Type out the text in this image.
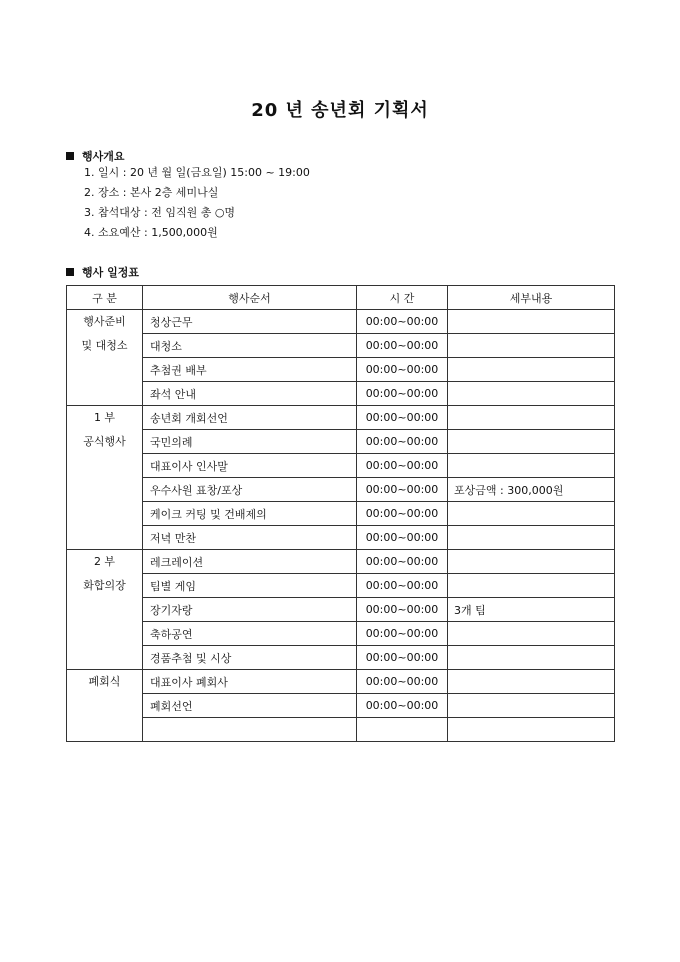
20 년 송년회 기획서
행사개요
1. 일시 : 20 년 월 일(금요일) 15:00 ~ 19:00
2. 장소 : 본사 2층 세미나실
3. 참석대상 : 전 임직원 총 ○명
4. 소요예산 : 1,500,000원
행사 일정표
구 분	행사순서	시 간	세부내용

행사준비
및 대청소	청상근무	00:00~00:00	
	대청소	00:00~00:00	
	추첨권 배부	00:00~00:00	
	좌석 안내	00:00~00:00	

1 부
공식행사	송년회 개회선언	00:00~00:00	
	국민의례	00:00~00:00	
	대표이사 인사말	00:00~00:00	
	우수사원 표창/포상	00:00~00:00	포상금액 : 300,000원
	케이크 커팅 및 건배제의	00:00~00:00	
	저녁 만찬	00:00~00:00	

2 부
화합의장	레크레이션	00:00~00:00	
	팀별 게임	00:00~00:00	
	장기자랑	00:00~00:00	3개 팀
	축하공연	00:00~00:00	
	경품추첨 및 시상	00:00~00:00	

폐회식	대표이사 폐회사	00:00~00:00	
	폐회선언	00:00~00:00	
